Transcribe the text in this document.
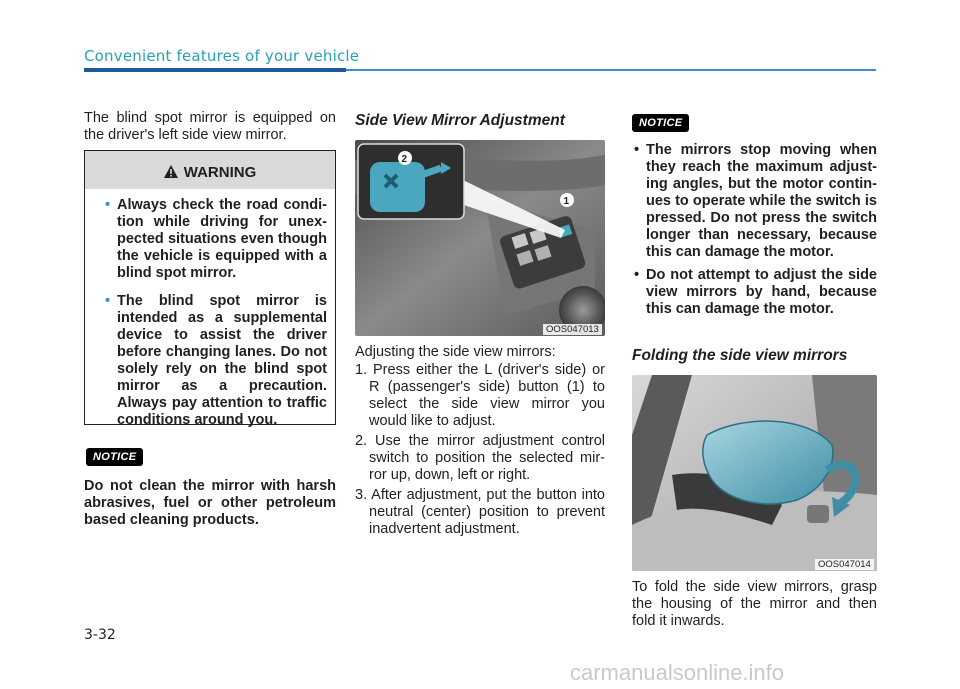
Convenient features of your vehicle
The blind spot mirror is equipped on the driver's left side view mirror.
WARNING
• Always check the road condi-tion while driving for unex-pected situations even though the vehicle is equipped with a blind spot mirror.
• The blind spot mirror is intended as a supplemental device to assist the driver before changing lanes. Do not solely rely on the blind spot mirror as a precaution. Always pay attention to traffic conditions around you.
NOTICE
Do not clean the mirror with harsh abrasives, fuel or other petroleum based cleaning products.
Side View Mirror Adjustment
2
1
OOS047013
Adjusting the side view mirrors:
1. Press either the L (driver's side) or R (passenger's side) button (1) to select the side view mirror you would like to adjust.
2. Use the mirror adjustment control switch to position the selected mir-ror up, down, left or right.
3. After adjustment, put the button into neutral (center) position to prevent inadvertent adjustment.
NOTICE
• The mirrors stop moving when they reach the maximum adjust-ing angles, but the motor contin-ues to operate while the switch is pressed. Do not press the switch longer than necessary, because this can damage the motor.
• Do not attempt to adjust the side view mirrors by hand, because this can damage the motor.
Folding the side view mirrors
OOS047014
To fold the side view mirrors, grasp the housing of the mirror and then fold it inwards.
3-32
carmanualsonline.info
